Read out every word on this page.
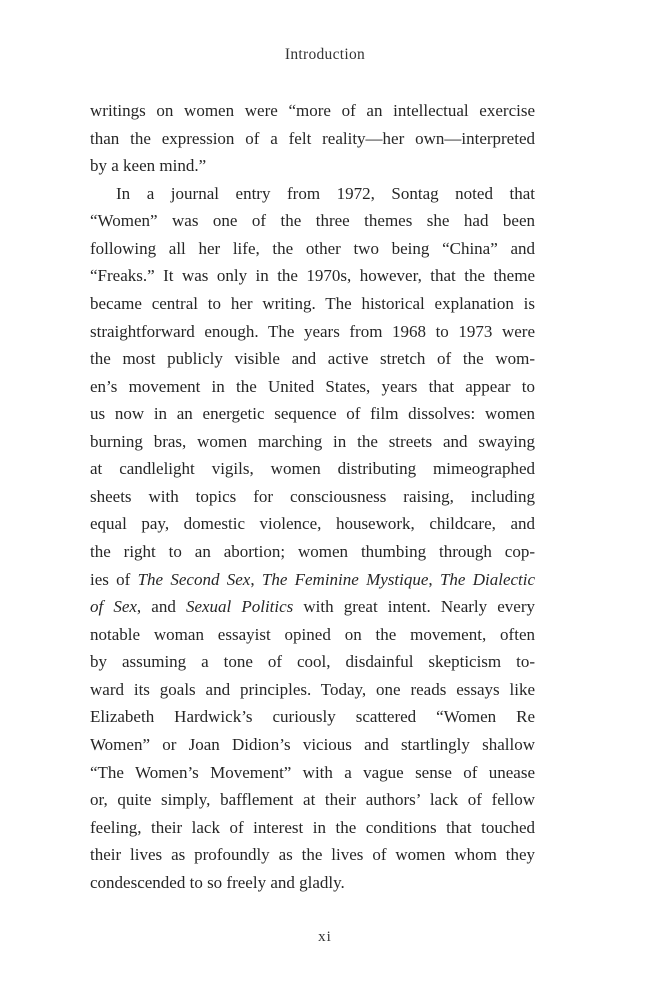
Introduction
writings on women were “more of an intellectual exercise
than the expression of a felt reality—her own—interpreted
by a keen mind.”
In a journal entry from 1972, Sontag noted that
“Women” was one of the three themes she had been
following all her life, the other two being “China” and
“Freaks.” It was only in the 1970s, however, that the theme
became central to her writing. The historical explanation is
straightforward enough. The years from 1968 to 1973 were
the most publicly visible and active stretch of the wom-
en’s movement in the United States, years that appear to
us now in an energetic sequence of film dissolves: women
burning bras, women marching in the streets and swaying
at candlelight vigils, women distributing mimeographed
sheets with topics for consciousness raising, including
equal pay, domestic violence, housework, childcare, and
the right to an abortion; women thumbing through cop-
ies of The Second Sex, The Feminine Mystique, The Dialectic
of Sex, and Sexual Politics with great intent. Nearly every
notable woman essayist opined on the movement, often
by assuming a tone of cool, disdainful skepticism to-
ward its goals and principles. Today, one reads essays like
Elizabeth Hardwick’s curiously scattered “Women Re
Women” or Joan Didion’s vicious and startlingly shallow
“The Women’s Movement” with a vague sense of unease
or, quite simply, bafflement at their authors’ lack of fellow
feeling, their lack of interest in the conditions that touched
their lives as profoundly as the lives of women whom they
condescended to so freely and gladly.
xi
